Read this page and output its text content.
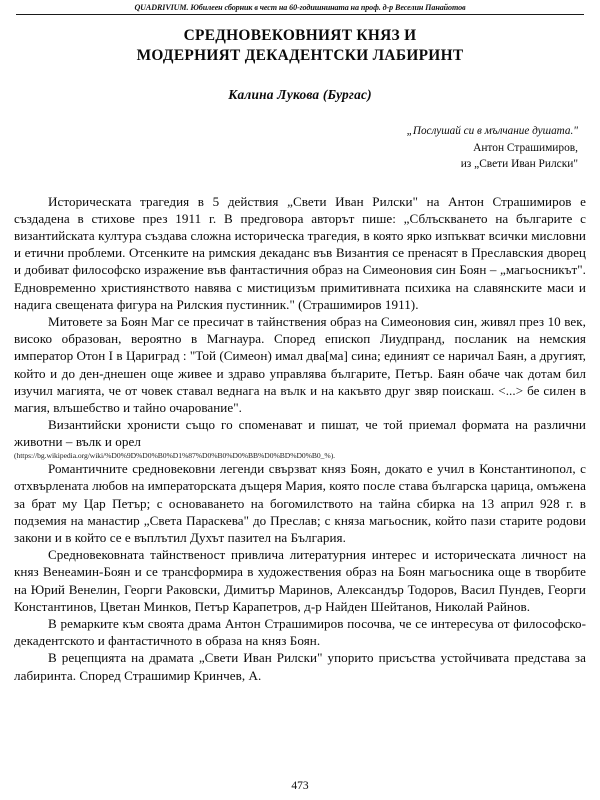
QUADRIVIUM. Юбилеен сборник в чест на 60-годишнината на проф. д-р Веселин Панайотов
СРЕДНОВЕКОВНИЯТ КНЯЗ И
МОДЕРНИЯТ ДЕКАДЕНТСКИ ЛАБИРИНТ
Калина Лукова (Бургас)
„Послушай си в мълчание душата."
Антон Страшимиров,
из „Свети Иван Рилски"

Историческата трагедия в 5 действия „Свети Иван Рилски" на Антон Страшимиров е създадена в стихове през 1911 г. В предговора авторът пише: „Сблъскването на българите с византийската култура създава сложна историческа трагедия, в която ярко изпъкват всички мисловни и етични проблеми. Отсенките на римския декаданс във Византия се пренасят в Преславския дворец и добиват философско изражение във фантастичния образ на Симеоновия син Боян – „магьосникът". Едновременно християнството навява с мистицизъм примитивната психика на славянските маси и надига свещената фигура на Рилския пустинник." (Страшимиров 1911).

Митовете за Боян Маг се пресичат в тайнствения образ на Симеоновия син, живял през 10 век, високо образован, вероятно в Магнаура. Според епископ Лиудпранд, посланик на немския император Отон I в Цариград : "Той (Симеон) имал два[ма] сина; единият се наричал Баян, а другият, който и до ден-днешен още живее и здраво управлява българите, Петър. Баян обаче чак дотам бил изучил магията, че от човек ставал веднага на вълк и на какъвто друг звяр поискаш. <...> бе силен в магия, влъшебство и тайно очарование".

Византийски хронисти също го споменават и пишат, че той приемал формата на различни животни – вълк и орел

(https://bg.wikipedia.org/wiki/%D0%9D%D0%B0%D1%87%D0%B0%D0%BB%D0%BD%D0%B0_%).

Романтичните средновековни легенди свързват княз Боян, докато е учил в Константинопол, с отхвърлената любов на императорската дъщеря Мария, която после става българска царица, омъжена за брат му Цар Петър; с основаването на богомилството на тайна сбирка на 13 април 928 г. в подземия на манастир „Света Параскева" до Преслав; с княза магьосник, който пази старите родови закони и в който се е въплътил Духът пазител на България.

Средновековната тайнственост привлича литературния интерес и историческата личност на княз Венеамин-Боян и се трансформира в художествения образ на Боян магьосника още в творбите на Юрий Венелин, Георги Раковски, Димитър Маринов, Александър Тодоров, Васил Пундев, Георги Константинов, Цветан Минков, Петър Карапетров, д-р Найден Шейтанов, Николай Райнов.

В ремарките към своята драма Антон Страшимиров посочва, че се интересува от философско-декадентското и фантастичното в образа на княз Боян.

В рецепцията на драмата „Свети Иван Рилски" упорито присъства устойчивата представа за лабиринта. Според Страшимир Кринчев, А.

473
